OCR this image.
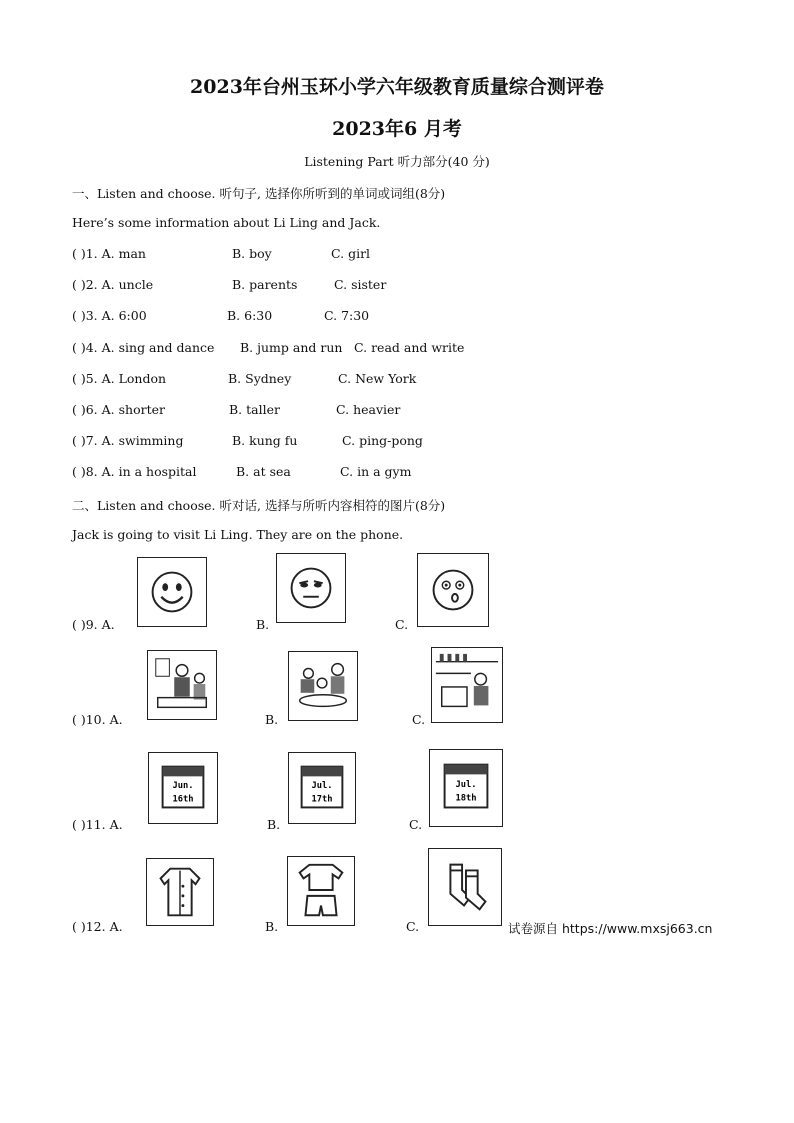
2023年台州玉环小学六年级教育质量综合测评卷
2023年6 月考
Listening Part 听力部分(40 分)
一、Listen and choose. 听句子, 选择你所听到的单词或词组(8分)
Here’s some information about Li Ling and Jack.
( )1. A. man	B. boy	C. girl
( )2. A. uncle	B. parents	C. sister
( )3. A. 6:00	B. 6:30	C. 7:30
( )4. A. sing and dance B. jump and run C. read and write
( )5. A. London	B. Sydney	C. New York
( )6. A. shorter	B. taller	C. heavier
( )7. A. swimming	B. kung fu	C. ping-pong
( )8. A. in a hospital	B. at sea	C. in a gym
二、Listen and choose. 听对话, 选择与所听内容相符的图片(8分)
Jack is going to visit Li Ling. They are on the phone.
( )9. A.	B.	C.
( )10. A.	B.	C.
( )11. A.	B.	C.
Jun.
16th
Jul.
17th
Jul.
18th
( )12. A.	B.	C.	试卷源自 https://www.mxsj663.cn
